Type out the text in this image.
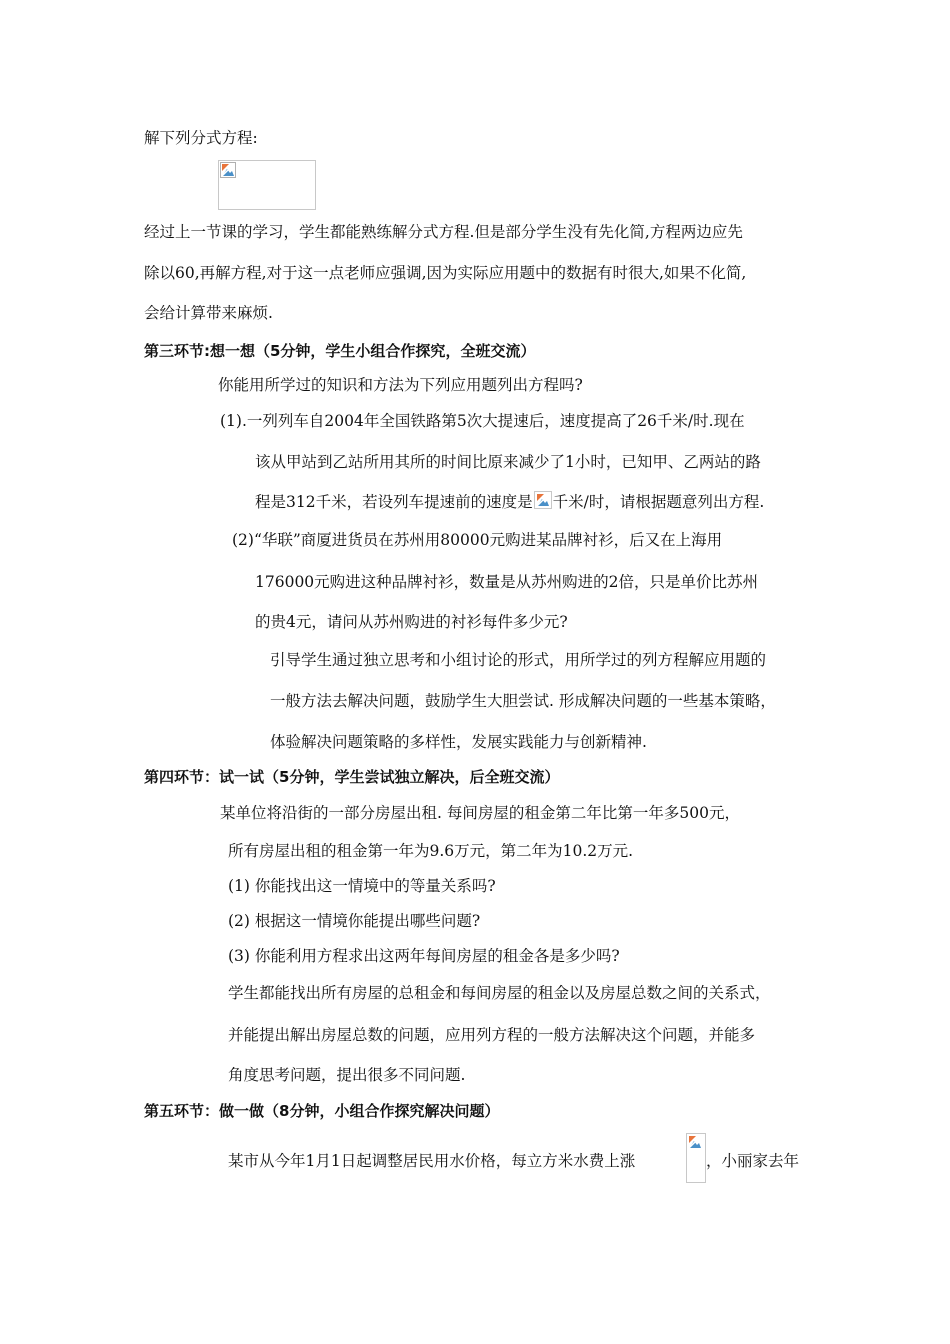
解下列分式方程:
经过上一节课的学习，学生都能熟练解分式方程.但是部分学生没有先化简,方程两边应先
除以60,再解方程,对于这一点老师应强调,因为实际应用题中的数据有时很大,如果不化简,
会给计算带来麻烦.
第三环节:想一想（5分钟，学生小组合作探究，全班交流）
你能用所学过的知识和方法为下列应用题列出方程吗?
(1).一列列车自2004年全国铁路第5次大提速后，速度提高了26千米/时.现在
该从甲站到乙站所用其所的时间比原来减少了1小时，已知甲、乙两站的路
程是312千米，若设列车提速前的速度是 千米/时，请根据题意列出方程.
(2)“华联”商厦进货员在苏州用80000元购进某品牌衬衫，后又在上海用
176000元购进这种品牌衬衫，数量是从苏州购进的2倍，只是单价比苏州
的贵4元，请问从苏州购进的衬衫每件多少元?
引导学生通过独立思考和小组讨论的形式，用所学过的列方程解应用题的
一般方法去解决问题，鼓励学生大胆尝试. 形成解决问题的一些基本策略，
体验解决问题策略的多样性，发展实践能力与创新精神.
第四环节：试一试（5分钟，学生尝试独立解决，后全班交流）
某单位将沿街的一部分房屋出租. 每间房屋的租金第二年比第一年多500元，
所有房屋出租的租金第一年为9.6万元，第二年为10.2万元.
(1) 你能找出这一情境中的等量关系吗?
(2) 根据这一情境你能提出哪些问题?
(3) 你能利用方程求出这两年每间房屋的租金各是多少吗?
学生都能找出所有房屋的总租金和每间房屋的租金以及房屋总数之间的关系式，
并能提出解出房屋总数的问题，应用列方程的一般方法解决这个问题，并能多
角度思考问题，提出很多不同问题.
第五环节：做一做（8分钟，小组合作探究解决问题）
某市从今年1月1日起调整居民用水价格，每立方米水费上涨	，小丽家去年
